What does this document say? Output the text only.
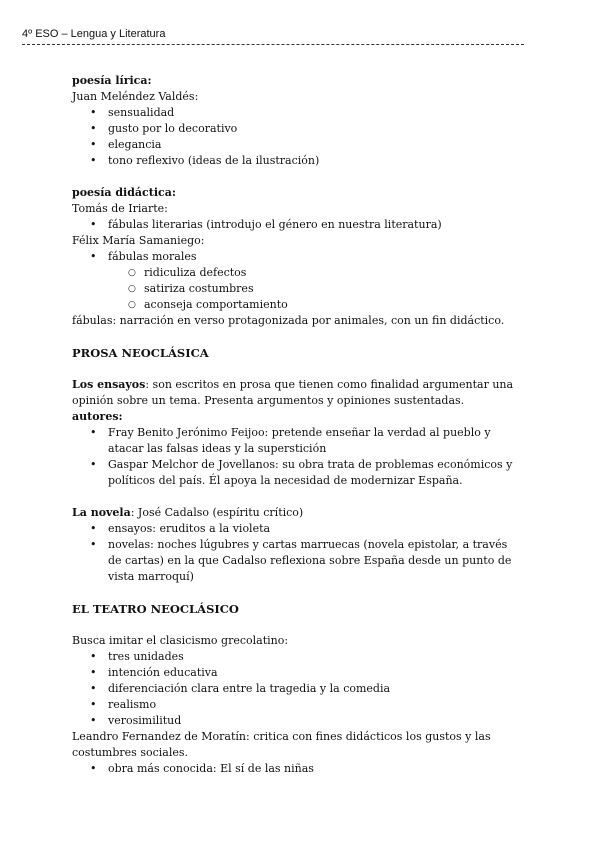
4º ESO – Lengua y Literatura

poesía lírica:

Juan Meléndez Valdés:

• sensualidad
• gusto por lo decorativo
• elegancia
• tono reflexivo (ideas de la ilustración)

poesía didáctica:

Tomás de Iriarte:

• fábulas literarias (introdujo el género en nuestra literatura)

Félix María Samaniego:

• fábulas morales
○ ridiculiza defectos
○ satiriza costumbres
○ aconseja comportamiento

fábulas: narración en verso protagonizada por animales, con un fin didáctico.

PROSA NEOCLÁSICA

Los ensayos: son escritos en prosa que tienen como finalidad argumentar una opinión sobre un tema. Presenta argumentos y opiniones sustentadas.

autores:

• Fray Benito Jerónimo Feijoo: pretende enseñar la verdad al pueblo y atacar las falsas ideas y la superstición
• Gaspar Melchor de Jovellanos: su obra trata de problemas económicos y políticos del país. Él apoya la necesidad de modernizar España.

La novela: José Cadalso (espíritu crítico)

• ensayos: eruditos a la violeta
• novelas: noches lúgubres y cartas marruecas (novela epistolar, a través de cartas) en la que Cadalso reflexiona sobre España desde un punto de vista marroquí)

EL TEATRO NEOCLÁSICO

Busca imitar el clasicismo grecolatino:

• tres unidades
• intención educativa
• diferenciación clara entre la tragedia y la comedia
• realismo
• verosimilitud

Leandro Fernandez de Moratín: critica con fines didácticos los gustos y las costumbres sociales.

• obra más conocida: El sí de las niñas
